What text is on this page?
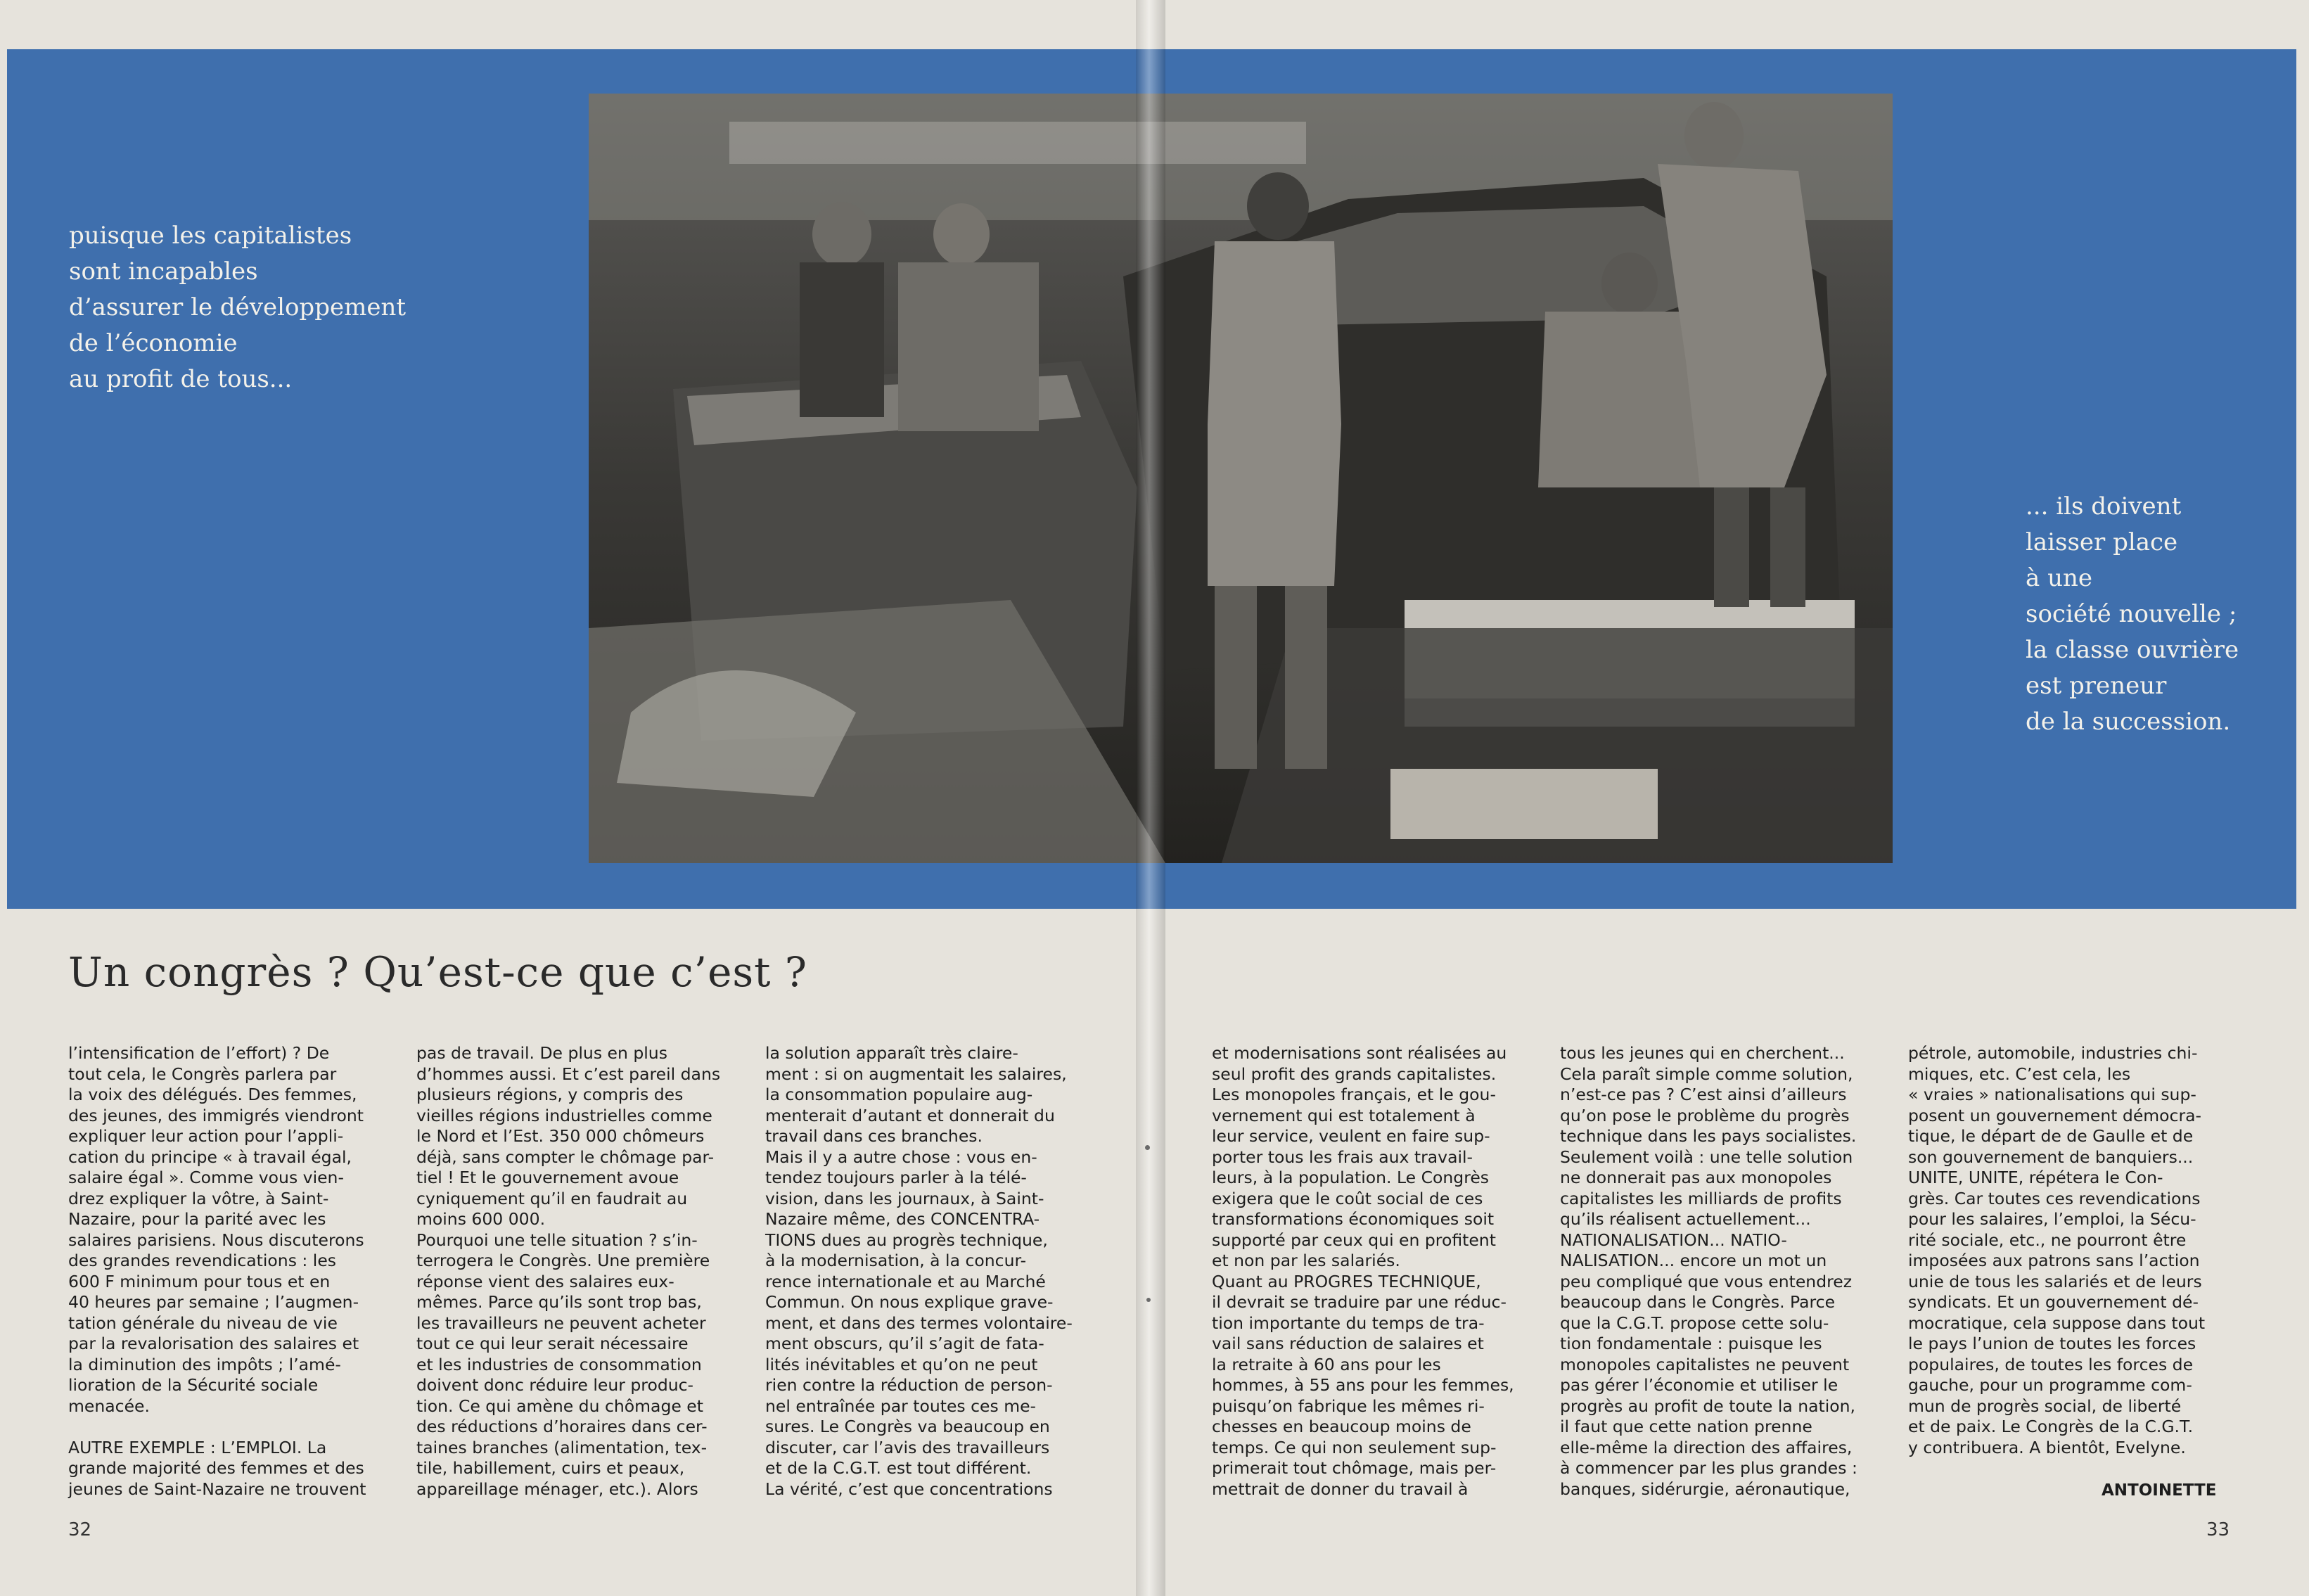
puisque les capitalistes
sont incapables
d’assurer le développement
de l’économie
au profit de tous...
... ils doivent
laisser place
à une
société nouvelle ;
la classe ouvrière
est preneur
de la succession.
Un congrès ? Qu’est-ce que c’est ?
l’intensification de l’effort) ? De
tout cela, le Congrès parlera par
la voix des délégués. Des femmes,
des jeunes, des immigrés viendront
expliquer leur action pour l’appli-
cation du principe « à travail égal,
salaire égal ». Comme vous vien-
drez expliquer la vôtre, à Saint-
Nazaire, pour la parité avec les
salaires parisiens. Nous discuterons
des grandes revendications : les
600 F minimum pour tous et en
40 heures par semaine ; l’augmen-
tation générale du niveau de vie
par la revalorisation des salaires et
la diminution des impôts ; l’amé-
lioration de la Sécurité sociale
menacée.

AUTRE EXEMPLE : L’EMPLOI. La
grande majorité des femmes et des
jeunes de Saint-Nazaire ne trouvent
pas de travail. De plus en plus
d’hommes aussi. Et c’est pareil dans
plusieurs régions, y compris des
vieilles régions industrielles comme
le Nord et l’Est. 350 000 chômeurs
déjà, sans compter le chômage par-
tiel ! Et le gouvernement avoue
cyniquement qu’il en faudrait au
moins 600 000.
Pourquoi une telle situation ? s’in-
terrogera le Congrès. Une première
réponse vient des salaires eux-
mêmes. Parce qu’ils sont trop bas,
les travailleurs ne peuvent acheter
tout ce qui leur serait nécessaire
et les industries de consommation
doivent donc réduire leur produc-
tion. Ce qui amène du chômage et
des réductions d’horaires dans cer-
taines branches (alimentation, tex-
tile, habillement, cuirs et peaux,
appareillage ménager, etc.). Alors
la solution apparaît très claire-
ment : si on augmentait les salaires,
la consommation populaire aug-
menterait d’autant et donnerait du
travail dans ces branches.
Mais il y a autre chose : vous en-
tendez toujours parler à la télé-
vision, dans les journaux, à Saint-
Nazaire même, des CONCENTRA-
TIONS dues au progrès technique,
à la modernisation, à la concur-
rence internationale et au Marché
Commun. On nous explique grave-
ment, et dans des termes volontaire-
ment obscurs, qu’il s’agit de fata-
lités inévitables et qu’on ne peut
rien contre la réduction de person-
nel entraînée par toutes ces me-
sures. Le Congrès va beaucoup en
discuter, car l’avis des travailleurs
et de la C.G.T. est tout différent.
La vérité, c’est que concentrations
et modernisations sont réalisées au
seul profit des grands capitalistes.
Les monopoles français, et le gou-
vernement qui est totalement à
leur service, veulent en faire sup-
porter tous les frais aux travail-
leurs, à la population. Le Congrès
exigera que le coût social de ces
transformations économiques soit
supporté par ceux qui en profitent
et non par les salariés.
Quant au PROGRES TECHNIQUE,
il devrait se traduire par une réduc-
tion importante du temps de tra-
vail sans réduction de salaires et
la retraite à 60 ans pour les
hommes, à 55 ans pour les femmes,
puisqu’on fabrique les mêmes ri-
chesses en beaucoup moins de
temps. Ce qui non seulement sup-
primerait tout chômage, mais per-
mettrait de donner du travail à
tous les jeunes qui en cherchent...
Cela paraît simple comme solution,
n’est-ce pas ? C’est ainsi d’ailleurs
qu’on pose le problème du progrès
technique dans les pays socialistes.
Seulement voilà : une telle solution
ne donnerait pas aux monopoles
capitalistes les milliards de profits
qu’ils réalisent actuellement...
NATIONALISATION... NATIO-
NALISATION... encore un mot un
peu compliqué que vous entendrez
beaucoup dans le Congrès. Parce
que la C.G.T. propose cette solu-
tion fondamentale : puisque les
monopoles capitalistes ne peuvent
pas gérer l’économie et utiliser le
progrès au profit de toute la nation,
il faut que cette nation prenne
elle-même la direction des affaires,
à commencer par les plus grandes :
banques, sidérurgie, aéronautique,
pétrole, automobile, industries chi-
miques, etc. C’est cela, les
« vraies » nationalisations qui sup-
posent un gouvernement démocra-
tique, le départ de de Gaulle et de
son gouvernement de banquiers...
UNITE, UNITE, répétera le Con-
grès. Car toutes ces revendications
pour les salaires, l’emploi, la Sécu-
rité sociale, etc., ne pourront être
imposées aux patrons sans l’action
unie de tous les salariés et de leurs
syndicats. Et un gouvernement dé-
mocratique, cela suppose dans tout
le pays l’union de toutes les forces
populaires, de toutes les forces de
gauche, pour un programme com-
mun de progrès social, de liberté
et de paix. Le Congrès de la C.G.T.
y contribuera. A bientôt, Evelyne.
ANTOINETTE
32	33
